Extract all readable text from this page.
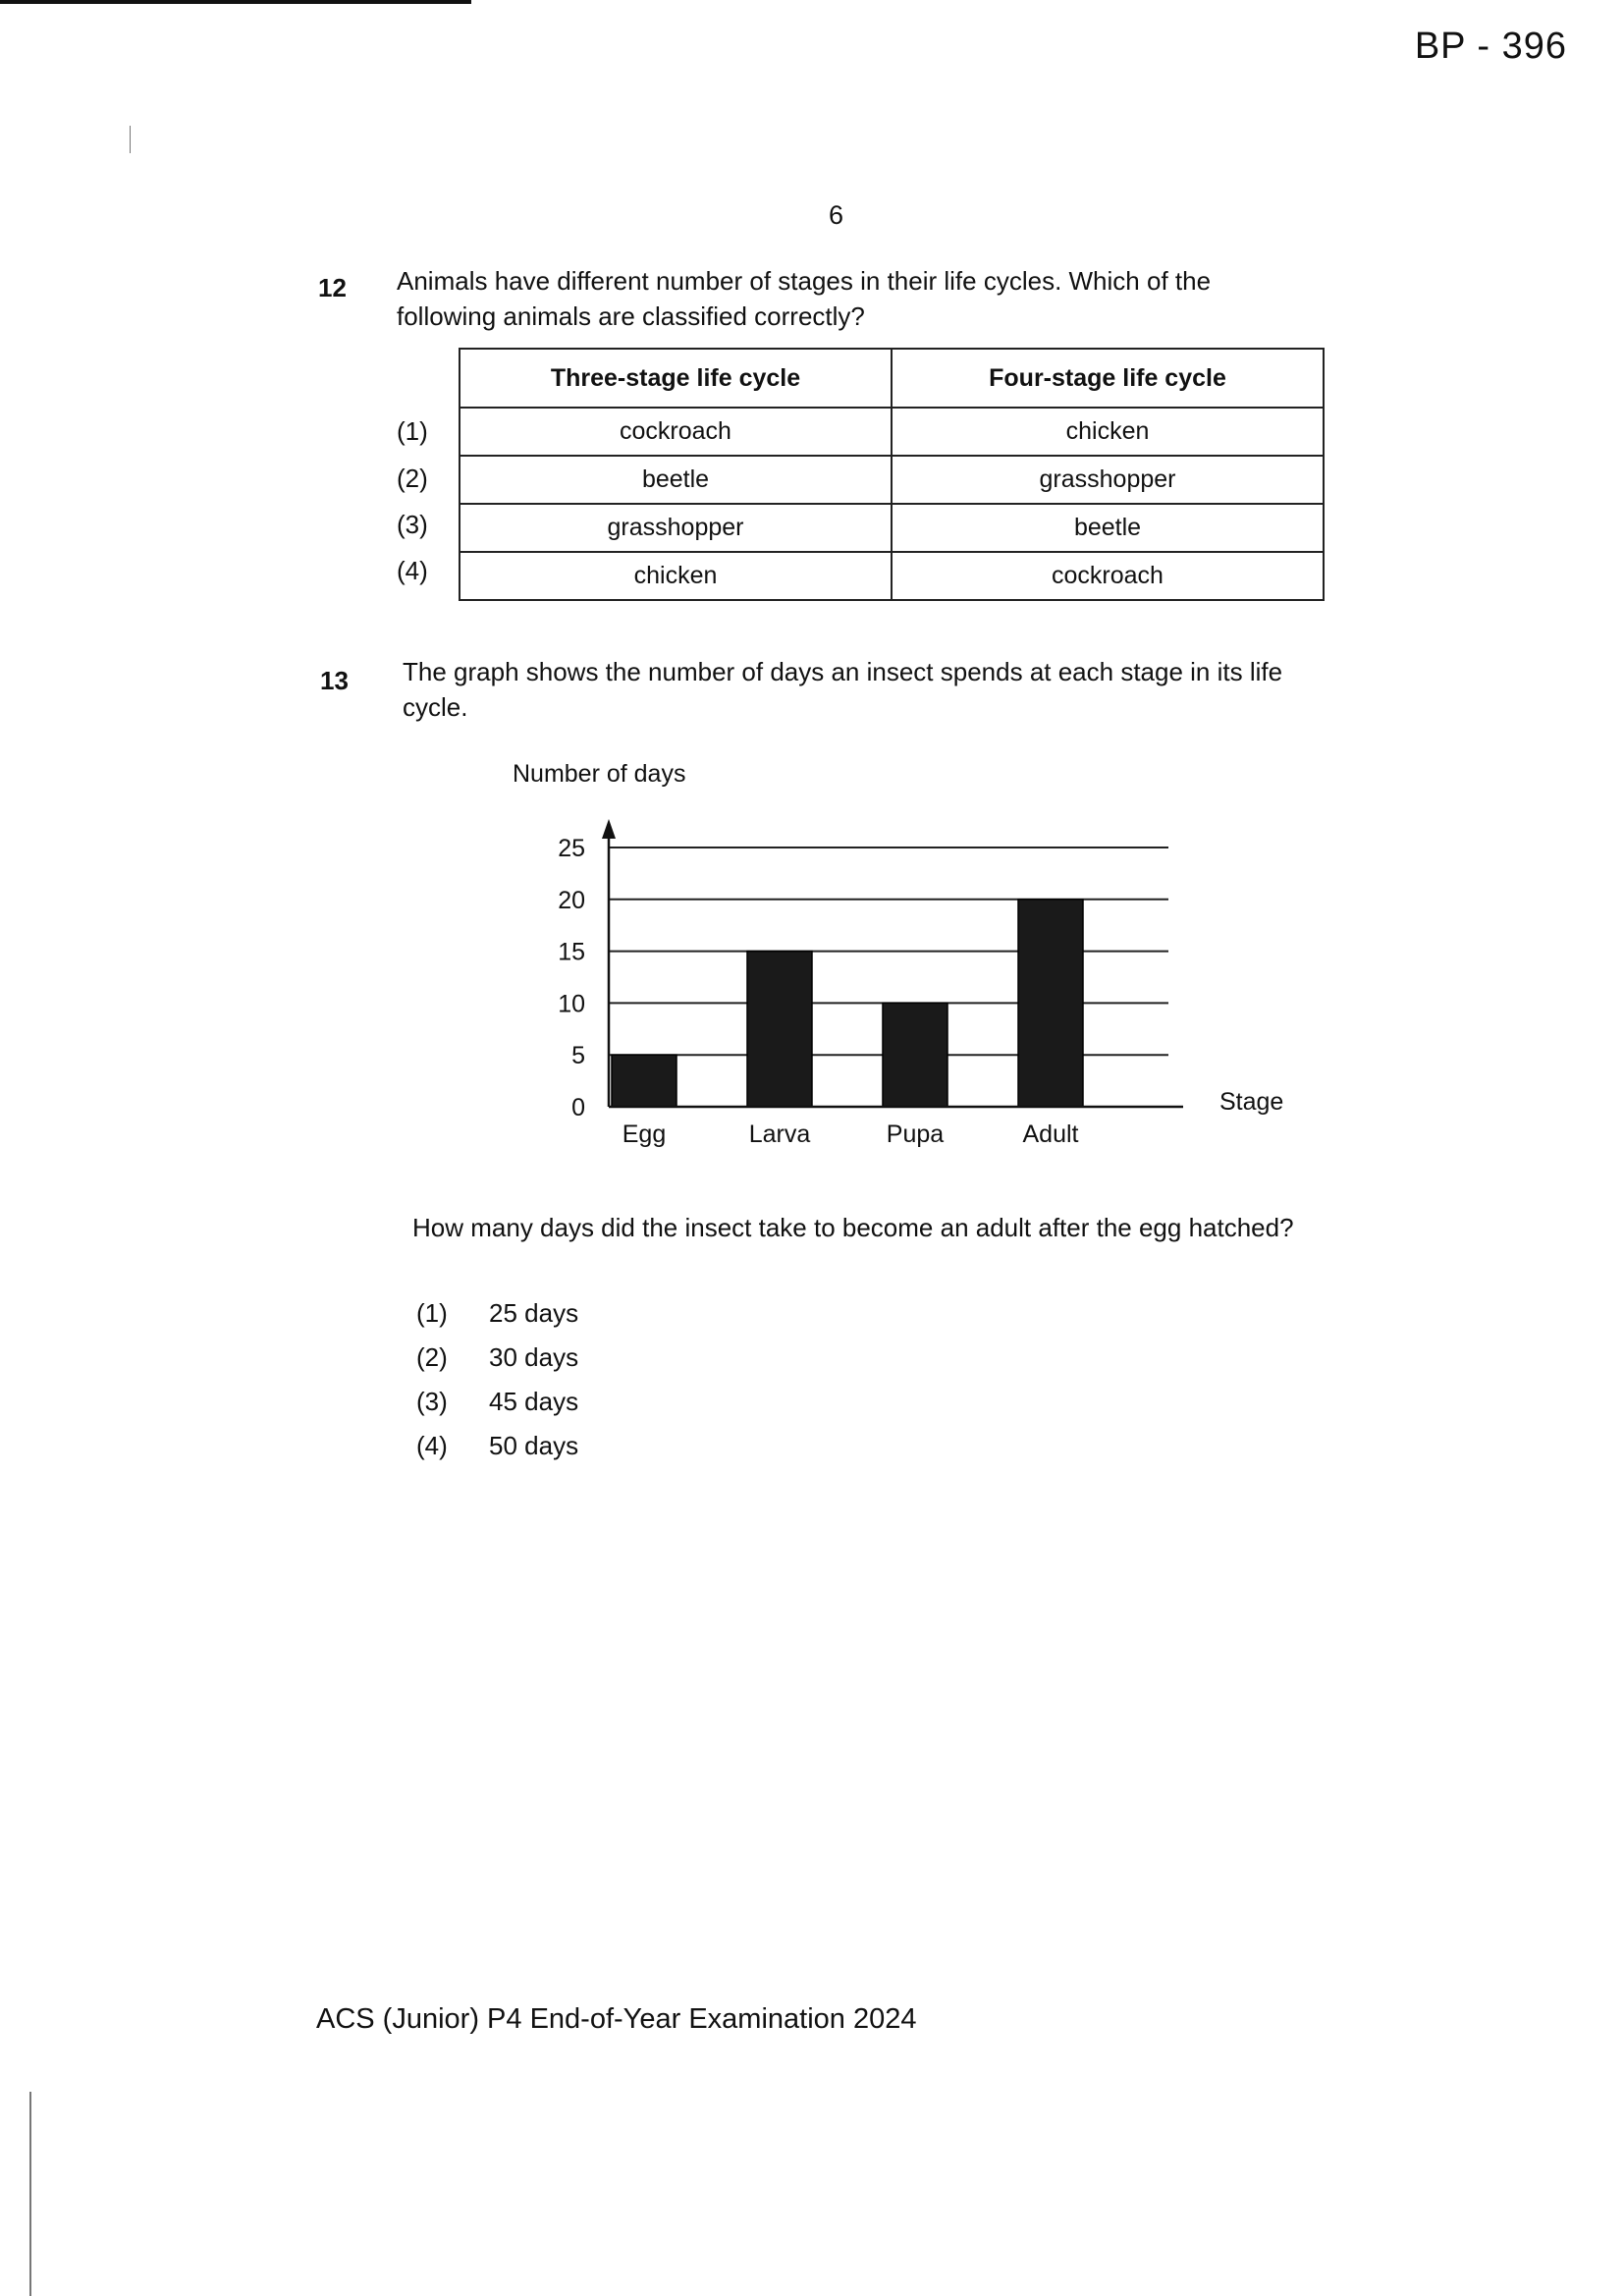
BP - 396
6
12 Animals have different number of stages in their life cycles. Which of the following animals are classified correctly?
(1)
(2)
(3)
(4)
Three-stage life cycle	Four-stage life cycle
cockroach	chicken
beetle	grasshopper
grasshopper	beetle
chicken	cockroach
13 The graph shows the number of days an insect spends at each stage in its life cycle.
Number of days
Stage
0
5
10
15
20
25
Egg	Larva	Pupa	Adult
How many days did the insect take to become an adult after the egg hatched?
(1) 25 days
(2) 30 days
(3) 45 days
(4) 50 days
ACS (Junior) P4 End-of-Year Examination 2024
